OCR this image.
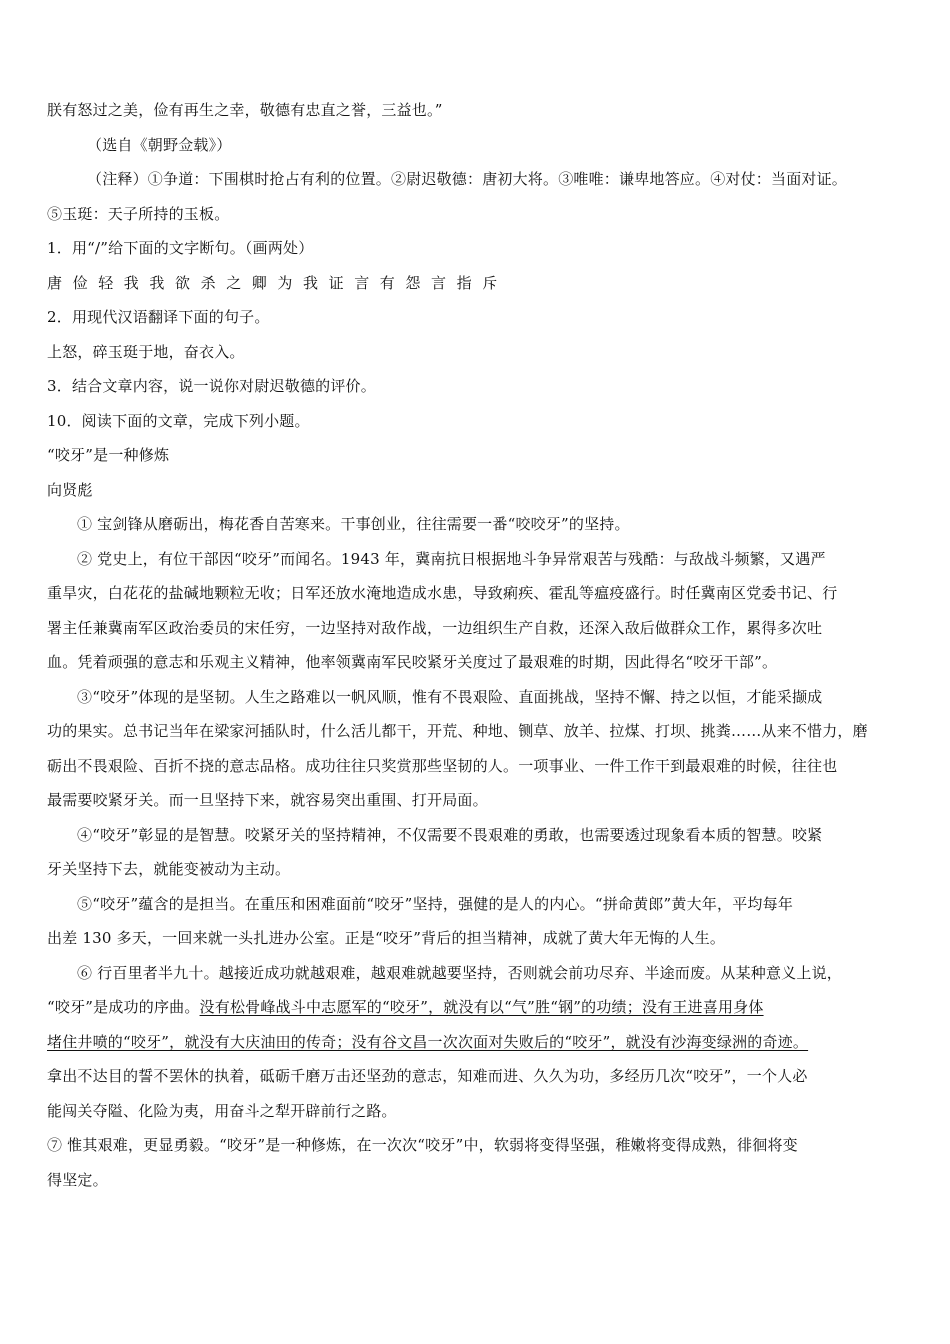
朕有怒过之美，俭有再生之幸，敬德有忠直之誉，三益也。”
（选自《朝野佥载》）
（注释）①争道：下围棋时抢占有利的位置。②尉迟敬德：唐初大将。③唯唯：谦卑地答应。④对仗：当面对证。
⑤玉珽：天子所持的玉板。
1．用“/”给下面的文字断句。（画两处）
唐俭轻我我欲杀之卿为我证言有怨言指斥
2．用现代汉语翻译下面的句子。
上怒，碎玉珽于地，奋衣入。
3．结合文章内容，说一说你对尉迟敬德的评价。
10．阅读下面的文章，完成下列小题。
“咬牙”是一种修炼
向贤彪
① 宝剑锋从磨砺出，梅花香自苦寒来。干事创业，往往需要一番“咬咬牙”的坚持。
② 党史上，有位干部因“咬牙”而闻名。1943 年，冀南抗日根据地斗争异常艰苦与残酷：与敌战斗频繁，又遇严
重旱灾，白花花的盐碱地颗粒无收；日军还放水淹地造成水患，导致痢疾、霍乱等瘟疫盛行。时任冀南区党委书记、行
署主任兼冀南军区政治委员的宋任穷，一边坚持对敌作战，一边组织生产自救，还深入敌后做群众工作，累得多次吐
血。凭着顽强的意志和乐观主义精神，他率领冀南军民咬紧牙关度过了最艰难的时期，因此得名“咬牙干部”。
③“咬牙”体现的是坚韧。人生之路难以一帆风顺，惟有不畏艰险、直面挑战，坚持不懈、持之以恒，才能采撷成
功的果实。总书记当年在梁家河插队时，什么活儿都干，开荒、种地、铡草、放羊、拉煤、打坝、挑粪……从来不惜力，磨
砺出不畏艰险、百折不挠的意志品格。成功往往只奖赏那些坚韧的人。一项事业、一件工作干到最艰难的时候，往往也
最需要咬紧牙关。而一旦坚持下来，就容易突出重围、打开局面。
④“咬牙”彰显的是智慧。咬紧牙关的坚持精神，不仅需要不畏艰难的勇敢，也需要透过现象看本质的智慧。咬紧
牙关坚持下去，就能变被动为主动。
⑤“咬牙”蕴含的是担当。在重压和困难面前“咬牙”坚持，强健的是人的内心。“拼命黄郎”黄大年，平均每年
出差 130 多天，一回来就一头扎进办公室。正是“咬牙”背后的担当精神，成就了黄大年无悔的人生。
⑥ 行百里者半九十。越接近成功就越艰难，越艰难就越要坚持，否则就会前功尽弃、半途而废。从某种意义上说，
“咬牙”是成功的序曲。没有松骨峰战斗中志愿军的“咬牙”，就没有以“气”胜“钢”的功绩；没有王进喜用身体
堵住井喷的“咬牙”，就没有大庆油田的传奇；没有谷文昌一次次面对失败后的“咬牙”，就没有沙海变绿洲的奇迹。
拿出不达目的誓不罢休的执着，砥砺千磨万击还坚劲的意志，知难而进、久久为功，多经历几次“咬牙”，一个人必
能闯关夺隘、化险为夷，用奋斗之犁开辟前行之路。
⑦ 惟其艰难，更显勇毅。“咬牙”是一种修炼，在一次次“咬牙”中，软弱将变得坚强，稚嫩将变得成熟，徘徊将变
得坚定。
